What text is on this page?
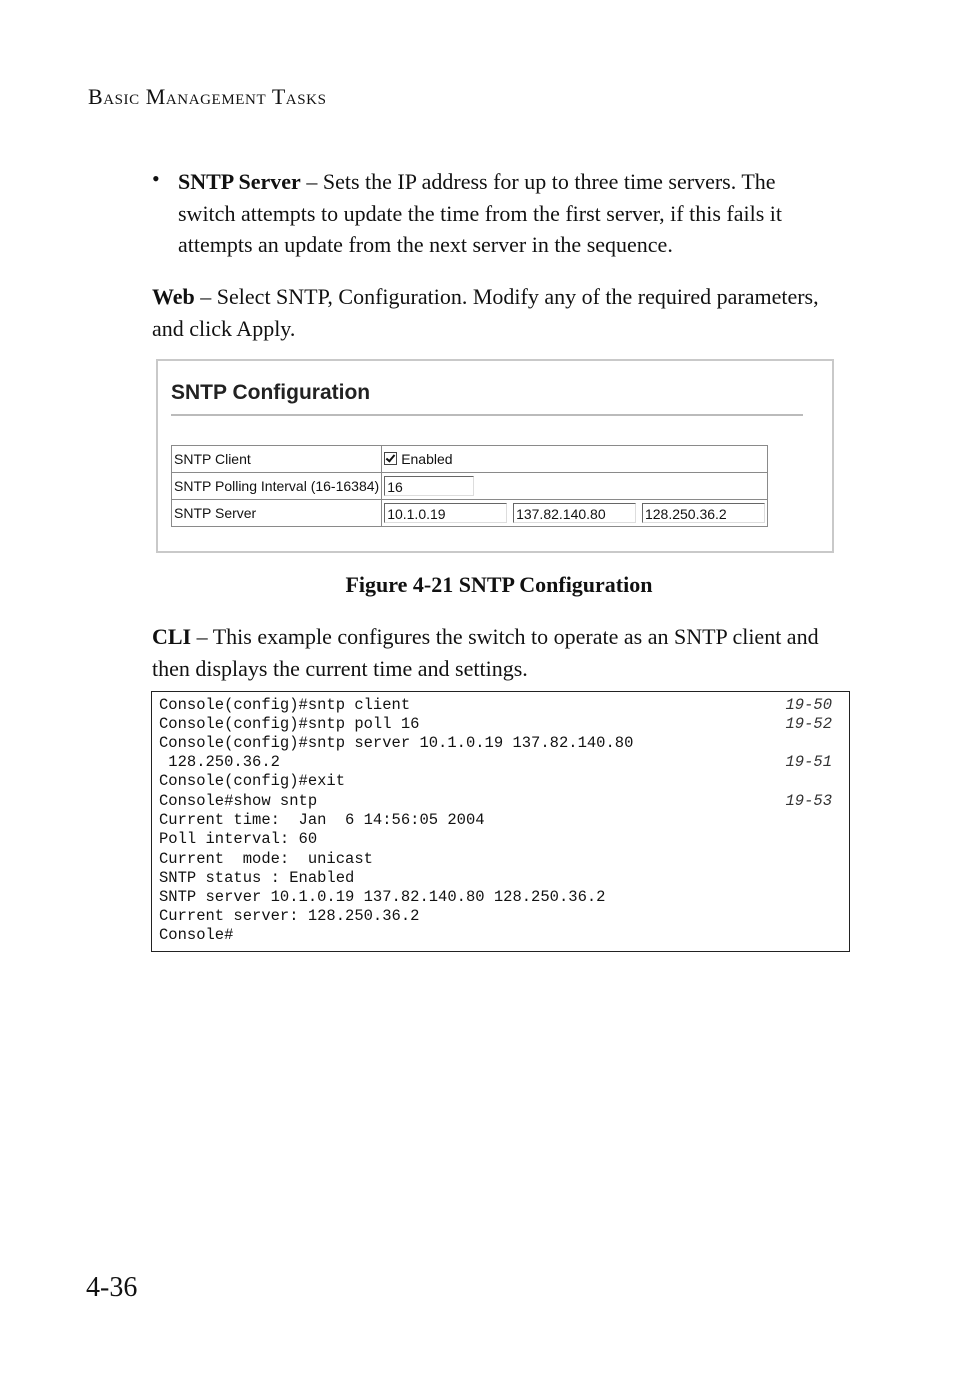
BASIC MANAGEMENT TASKS
• SNTP Server – Sets the IP address for up to three time servers. The switch attempts to update the time from the first server, if this fails it attempts an update from the next server in the sequence.
Web – Select SNTP, Configuration. Modify any of the required parameters, and click Apply.
SNTP Configuration
SNTP Client	Enabled
SNTP Polling Interval (16-16384)	16
SNTP Server	10.1.0.19 137.82.140.80 128.250.36.2
Figure 4-21 SNTP Configuration
CLI – This example configures the switch to operate as an SNTP client and then displays the current time and settings.
Console(config)#sntp client	19-50
Console(config)#sntp poll 16	19-52
Console(config)#sntp server 10.1.0.19 137.82.140.80
128.250.36.2	19-51
Console(config)#exit
Console#show sntp	19-53
Current time:  Jan  6 14:56:05 2004
Poll interval: 60
Current  mode:  unicast
SNTP status : Enabled
SNTP server 10.1.0.19 137.82.140.80 128.250.36.2
Current server: 128.250.36.2
Console#
4-36
